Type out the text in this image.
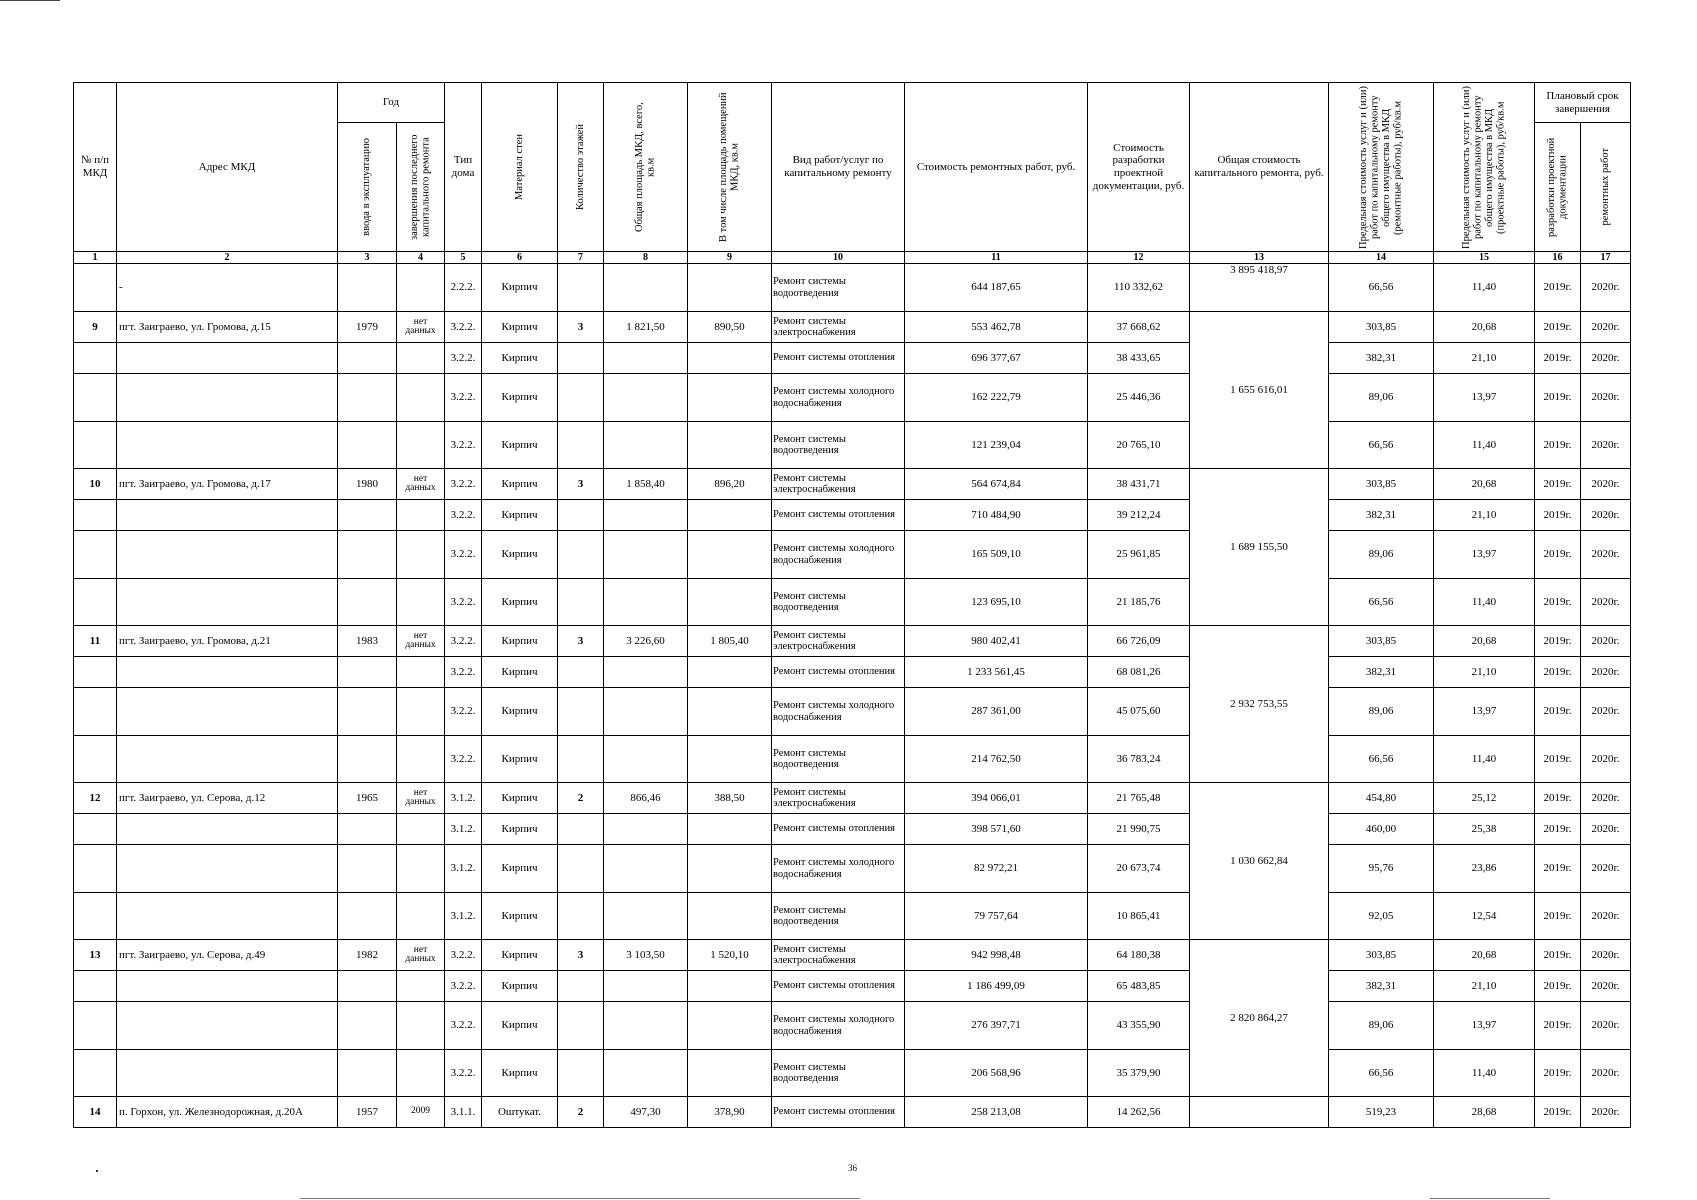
№ п/п МКД	Адрес МКД	Год		Тип дома	Материал стен	Количество этажей	Общая площадь МКД, всего, кв.м	В том числе площадь помещений МКД, кв.м	Вид работ/услуг по капитальному ремонту	Стоимость ремонтных работ, руб.	Стоимость разработки проектной документации, руб.	Общая стоимость капитального ремонта, руб.	Предельная стоимость услуг и (или) работ по капитальному ремонту общего имущества в МКД (ремонтные работы), руб/кв.м	Предельная стоимость услуг и (или) работ по капитальному ремонту общего имущества в МКД (проектные работы), руб/кв.м	Плановый срок завершения	

		ввода в эксплуатацию	завершения последнего капитального ремонта												разработки проектной документации	ремонтных работ

1	2	3	4	5	6	7	8	9	10	11	12	13	14	15	16	17
	-			2.2.2.	Кирпич				Ремонт системы водоотведения	644 187,65	110 332,62	3 895 418,97	66,56	11,40	2019г.	2020г.
9	пгт. Заиграево, ул. Громова, д.15	1979	нет данных	3.2.2.	Кирпич	3	1 821,50	890,50	Ремонт системы электроснабжения	553 462,78	37 668,62	1 655 616,01	303,85	20,68	2019г.	2020г.
				3.2.2.	Кирпич				Ремонт системы отопления	696 377,67	38 433,65		382,31	21,10	2019г.	2020г.
				3.2.2.	Кирпич				Ремонт системы холодного водоснабжения	162 222,79	25 446,36		89,06	13,97	2019г.	2020г.
				3.2.2.	Кирпич				Ремонт системы водоотведения	121 239,04	20 765,10		66,56	11,40	2019г.	2020г.
10	пгт. Заиграево, ул. Громова, д.17	1980	нет данных	3.2.2.	Кирпич	3	1 858,40	896,20	Ремонт системы электроснабжения	564 674,84	38 431,71	1 689 155,50	303,85	20,68	2019г.	2020г.
				3.2.2.	Кирпич				Ремонт системы отопления	710 484,90	39 212,24		382,31	21,10	2019г.	2020г.
				3.2.2.	Кирпич				Ремонт системы холодного водоснабжения	165 509,10	25 961,85		89,06	13,97	2019г.	2020г.
				3.2.2.	Кирпич				Ремонт системы водоотведения	123 695,10	21 185,76		66,56	11,40	2019г.	2020г.
11	пгт. Заиграево, ул. Громова, д.21	1983	нет данных	3.2.2.	Кирпич	3	3 226,60	1 805,40	Ремонт системы электроснабжения	980 402,41	66 726,09	2 932 753,55	303,85	20,68	2019г.	2020г.
				3.2.2.	Кирпич				Ремонт системы отопления	1 233 561,45	68 081,26		382,31	21,10	2019г.	2020г.
				3.2.2.	Кирпич				Ремонт системы холодного водоснабжения	287 361,00	45 075,60		89,06	13,97	2019г.	2020г.
				3.2.2.	Кирпич				Ремонт системы водоотведения	214 762,50	36 783,24		66,56	11,40	2019г.	2020г.
12	пгт. Заиграево, ул. Серова, д.12	1965	нет данных	3.1.2.	Кирпич	2	866,46	388,50	Ремонт системы электроснабжения	394 066,01	21 765,48	1 030 662,84	454,80	25,12	2019г.	2020г.
				3.1.2.	Кирпич				Ремонт системы отопления	398 571,60	21 990,75		460,00	25,38	2019г.	2020г.
				3.1.2.	Кирпич				Ремонт системы холодного водоснабжения	82 972,21	20 673,74		95,76	23,86	2019г.	2020г.
				3.1.2.	Кирпич				Ремонт системы водоотведения	79 757,64	10 865,41		92,05	12,54	2019г.	2020г.
13	пгт. Заиграево, ул. Серова, д.49	1982	нет данных	3.2.2.	Кирпич	3	3 103,50	1 520,10	Ремонт системы электроснабжения	942 998,48	64 180,38	2 820 864,27	303,85	20,68	2019г.	2020г.
				3.2.2.	Кирпич				Ремонт системы отопления	1 186 499,09	65 483,85		382,31	21,10	2019г.	2020г.
				3.2.2.	Кирпич				Ремонт системы холодного водоснабжения	276 397,71	43 355,90		89,06	13,97	2019г.	2020г.
				3.2.2.	Кирпич				Ремонт системы водоотведения	206 568,96	35 379,90		66,56	11,40	2019г.	2020г.
14	п. Горхон, ул. Железнодорожная, д.20А	1957	2009	3.1.1.	Оштукат.	2	497,30	378,90	Ремонт системы отопления	258 213,08	14 262,56		519,23	28,68	2019г.	2020г.
36
